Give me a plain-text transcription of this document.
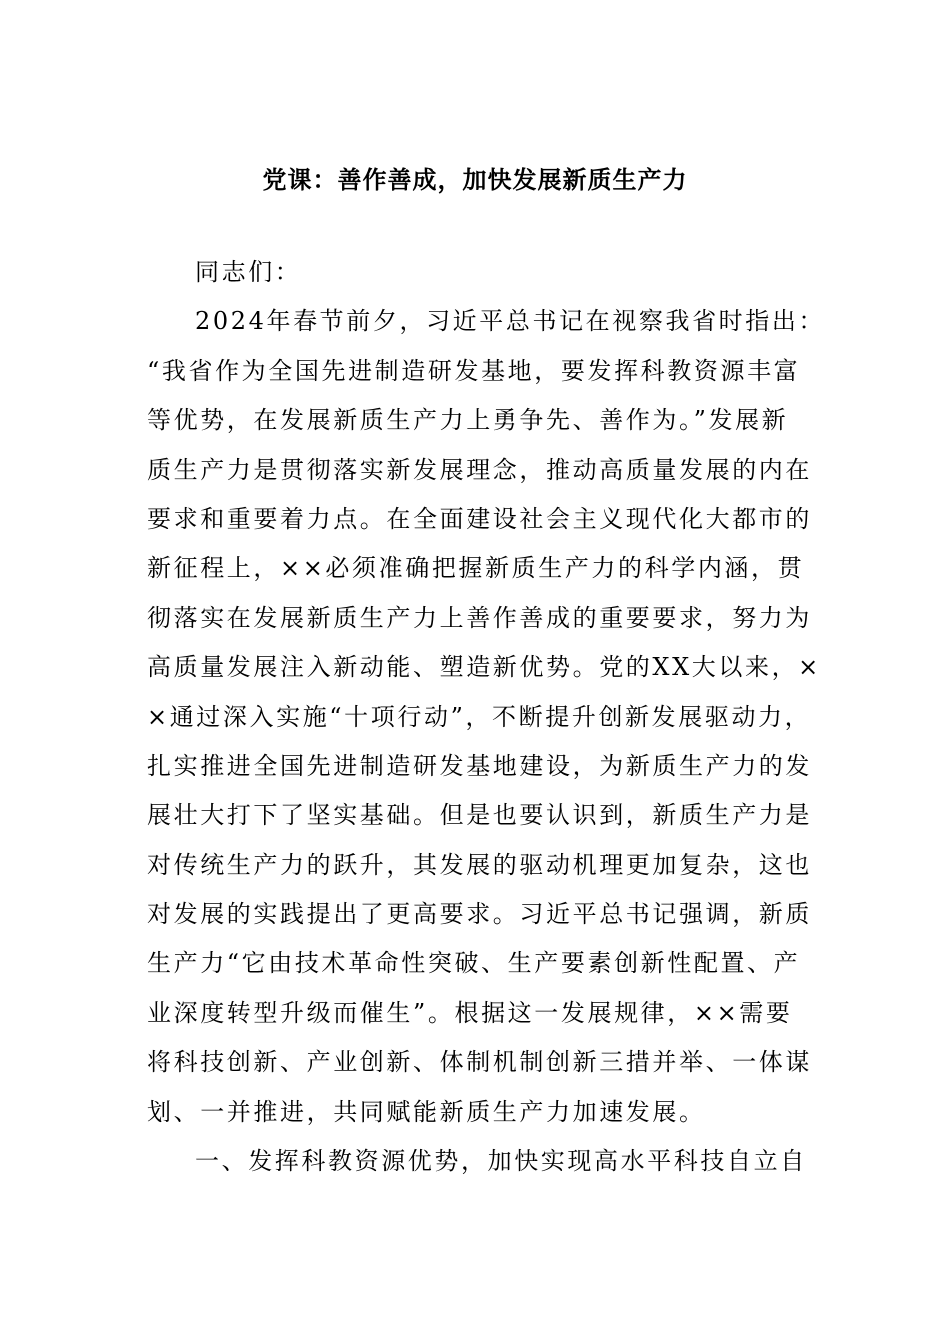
党课：善作善成，加快发展新质生产力
同志们：
2024年春节前夕，习近平总书记在视察我省时指出：
“我省作为全国先进制造研发基地，要发挥科教资源丰富
等优势，在发展新质生产力上勇争先、善作为。”发展新
质生产力是贯彻落实新发展理念，推动高质量发展的内在
要求和重要着力点。在全面建设社会主义现代化大都市的
新征程上，××必须准确把握新质生产力的科学内涵，贯
彻落实在发展新质生产力上善作善成的重要要求，努力为
高质量发展注入新动能、塑造新优势。党的XX大以来，×
×通过深入实施“十项行动”，不断提升创新发展驱动力，
扎实推进全国先进制造研发基地建设，为新质生产力的发
展壮大打下了坚实基础。但是也要认识到，新质生产力是
对传统生产力的跃升，其发展的驱动机理更加复杂，这也
对发展的实践提出了更高要求。习近平总书记强调，新质
生产力“它由技术革命性突破、生产要素创新性配置、产
业深度转型升级而催生”。根据这一发展规律，××需要
将科技创新、产业创新、体制机制创新三措并举、一体谋
划、一并推进，共同赋能新质生产力加速发展。
一、发挥科教资源优势，加快实现高水平科技自立自
